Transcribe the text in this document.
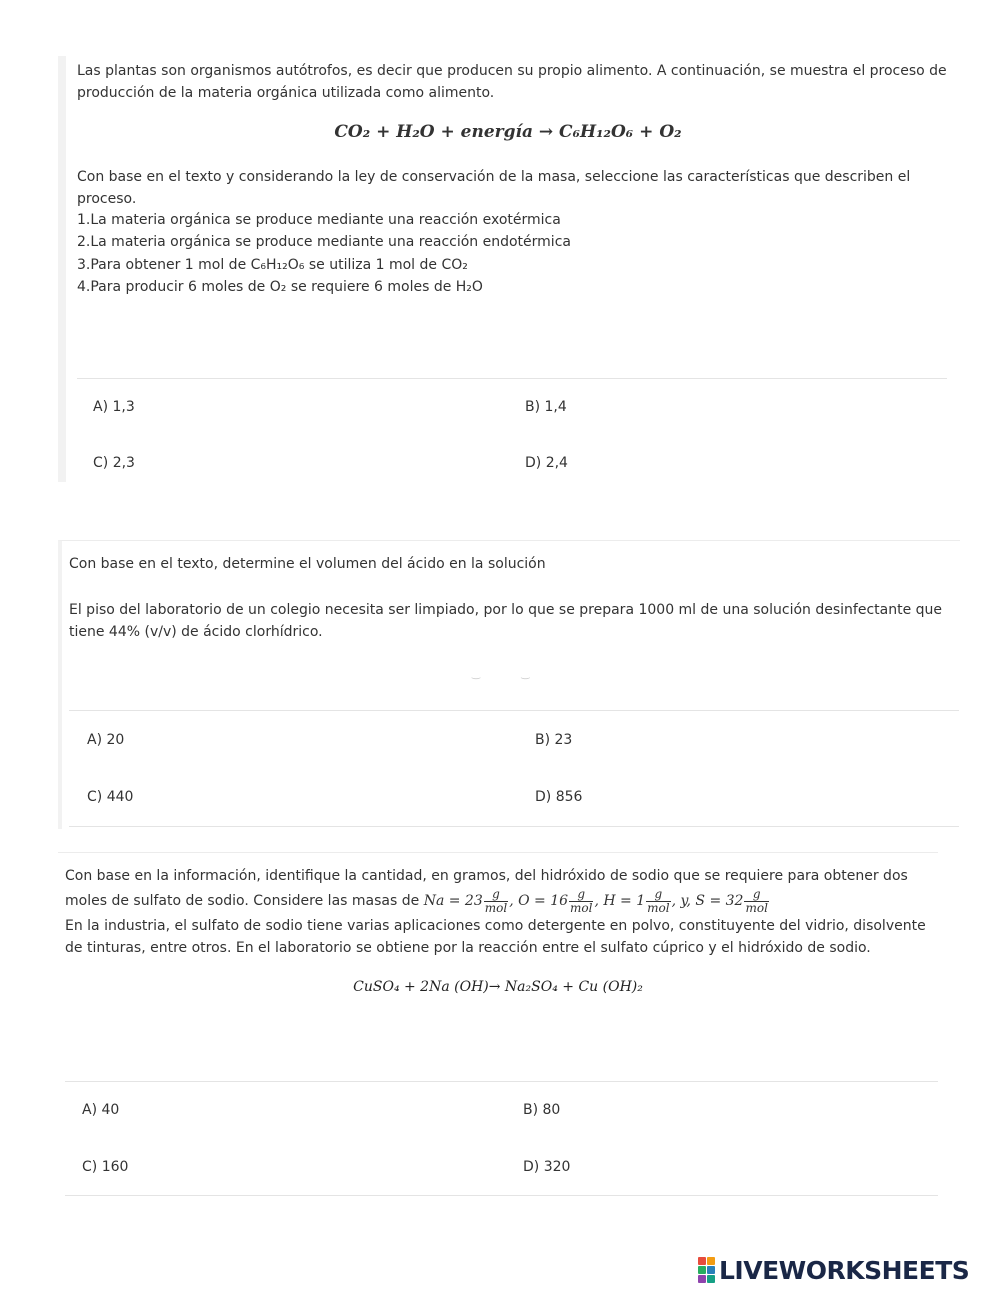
Las plantas son organismos autótrofos, es decir que producen su propio alimento. A continuación, se muestra el proceso de producción de la materia orgánica utilizada como alimento.

CO₂ + H₂O + energía → C₆H₁₂O₆ + O₂

Con base en el texto y considerando la ley de conservación de la masa, seleccione las características que describen el proceso.

1.La materia orgánica se produce mediante una reacción exotérmica
2.La materia orgánica se produce mediante una reacción endotérmica
3.Para obtener 1 mol de C₆H₁₂O₆ se utiliza 1 mol de CO₂
4.Para producir 6 moles de O₂ se requiere 6 moles de H₂O
A) 1,3	B) 1,4
C) 2,3	D) 2,4

Con base en el texto, determine el volumen del ácido en la solución

El piso del laboratorio de un colegio necesita ser limpiado, por lo que se prepara 1000 ml de una solución desinfectante que tiene 44% (v/v) de ácido clorhídrico.

‿             ‿
A) 20	B) 23
C) 440	D) 856

Con base en la información, identifique la cantidad, en gramos, del hidróxido de sodio que se requiere para obtener dos

moles de sulfato de sodio. Considere las masas de $Na = 23 \frac{g}{\text{mol}}$ , $O = 16 \frac{g}{\text{mol}}$ , $H = 1 \frac{g}{\text{mol}}$ , y, $S = 32 \frac{g}{\text{mol}}$

En la industria, el sulfato de sodio tiene varias aplicaciones como detergente en polvo, constituyente del vidrio, disolvente de tinturas, entre otros. En el laboratorio se obtiene por la reacción entre el sulfato cúprico y el hidróxido de sodio.

CuSO₄ + 2Na (OH)→ Na₂SO₄ + Cu (OH)₂
A) 40	B) 80
C) 160	D) 320
LIVEWORKSHEETS
